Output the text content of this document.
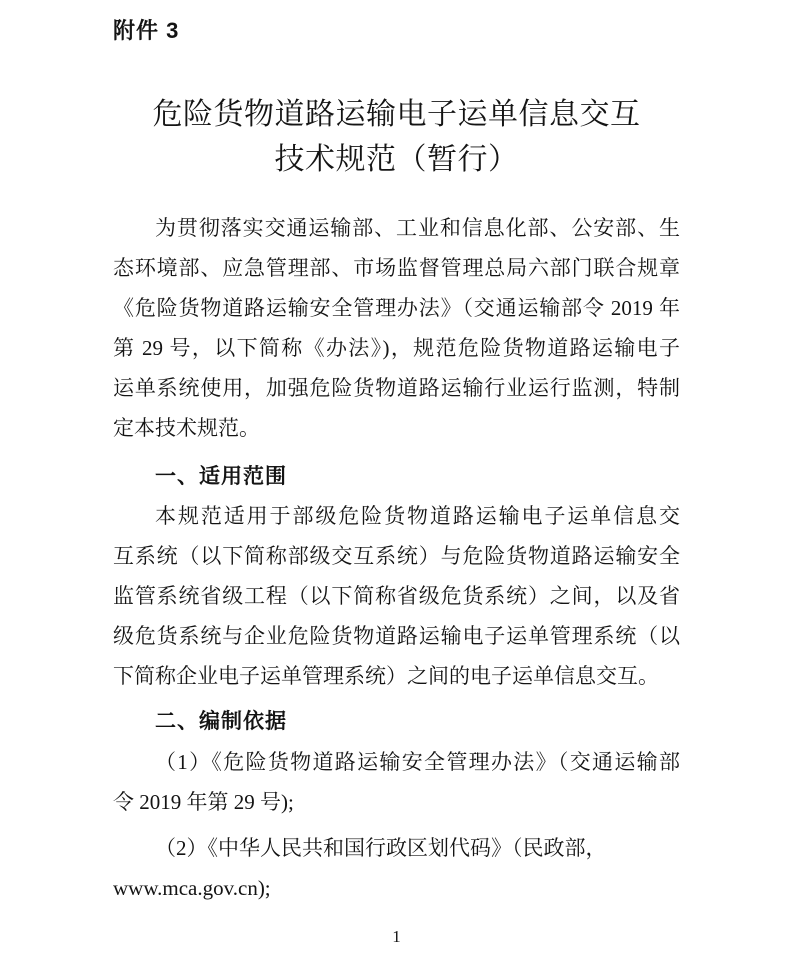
附件 3
危险货物道路运输电子运单信息交互
技术规范（暂行）
为贯彻落实交通运输部、工业和信息化部、公安部、生
态环境部、应急管理部、市场监督管理总局六部门联合规章
《危险货物道路运输安全管理办法》（交通运输部令 2019 年
第 29 号，以下简称《办法》)，规范危险货物道路运输电子
运单系统使用，加强危险货物道路运输行业运行监测，特制
定本技术规范。
一、适用范围
本规范适用于部级危险货物道路运输电子运单信息交
互系统（以下简称部级交互系统）与危险货物道路运输安全
监管系统省级工程（以下简称省级危货系统）之间，以及省
级危货系统与企业危险货物道路运输电子运单管理系统（以
下简称企业电子运单管理系统）之间的电子运单信息交互。
二、编制依据
（1）《危险货物道路运输安全管理办法》（交通运输部
令 2019 年第 29 号);
（2）《中华人民共和国行政区划代码》（民政部，
www.mca.gov.cn);
1
